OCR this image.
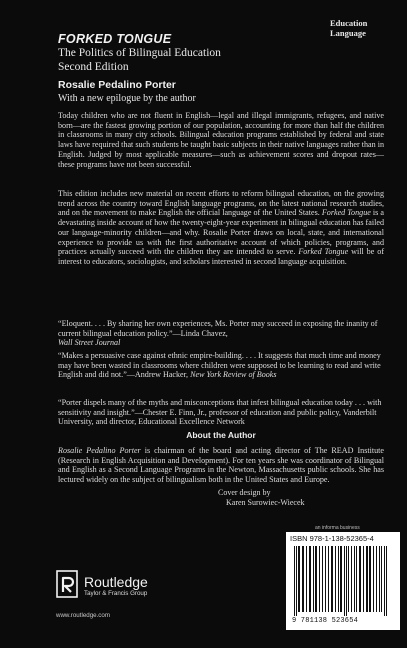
Education
Language
FORKED TONGUE
The Politics of Bilingual Education
Second Edition
Rosalie Pedalino Porter
With a new epilogue by the author
Today children who are not fluent in English—legal and illegal immigrants, refugees, and native born—are the fastest growing portion of our population, accounting for more than half the children in classrooms in many city schools. Bilingual education programs established by federal and state laws have required that such students be taught basic subjects in their native languages rather than in English. Judged by most applicable measures—such as achievement scores and dropout rates—these programs have not been successful.
This edition includes new material on recent efforts to reform bilingual education, on the growing trend across the country toward English language programs, on the latest national research studies, and on the movement to make English the official language of the United States. Forked Tongue is a devastating inside account of how the twenty-eight-year experiment in bilingual education has failed our language-minority children—and why. Rosalie Porter draws on local, state, and international experience to provide us with the first authoritative account of which policies, programs, and practices actually succeed with the children they are intended to serve. Forked Tongue will be of interest to educators, sociologists, and scholars interested in second language acquisition.
“Eloquent. . . . By sharing her own experiences, Ms. Porter may succeed in exposing the inanity of current bilingual education policy.”—Linda Chavez,
Wall Street Journal
“Makes a persuasive case against ethnic empire-building. . . . It suggests that much time and money may have been wasted in classrooms where children were supposed to be learning to read and write English and did not.”—Andrew Hacker, New York Review of Books
“Porter dispels many of the myths and misconceptions that infest bilingual education today . . . with sensitivity and insight.”—Chester E. Finn, Jr., professor of education and public policy, Vanderbilt University, and director, Educational Excellence Network
About the Author
Rosalie Pedalino Porter is chairman of the board and acting director of The READ Institute (Research in English Acquisition and Development). For ten years she was coordinator of Bilingual and English as a Second Language Programs in the Newton, Massachusetts public schools. She has lectured widely on the subject of bilingualism both in the United States and Europe.
Cover design by
Karen Surowiec-Wiecek
an informa business
ISBN 978-1-138-52365-4
9 781138 523654
Routledge
Taylor & Francis Group
www.routledge.com
